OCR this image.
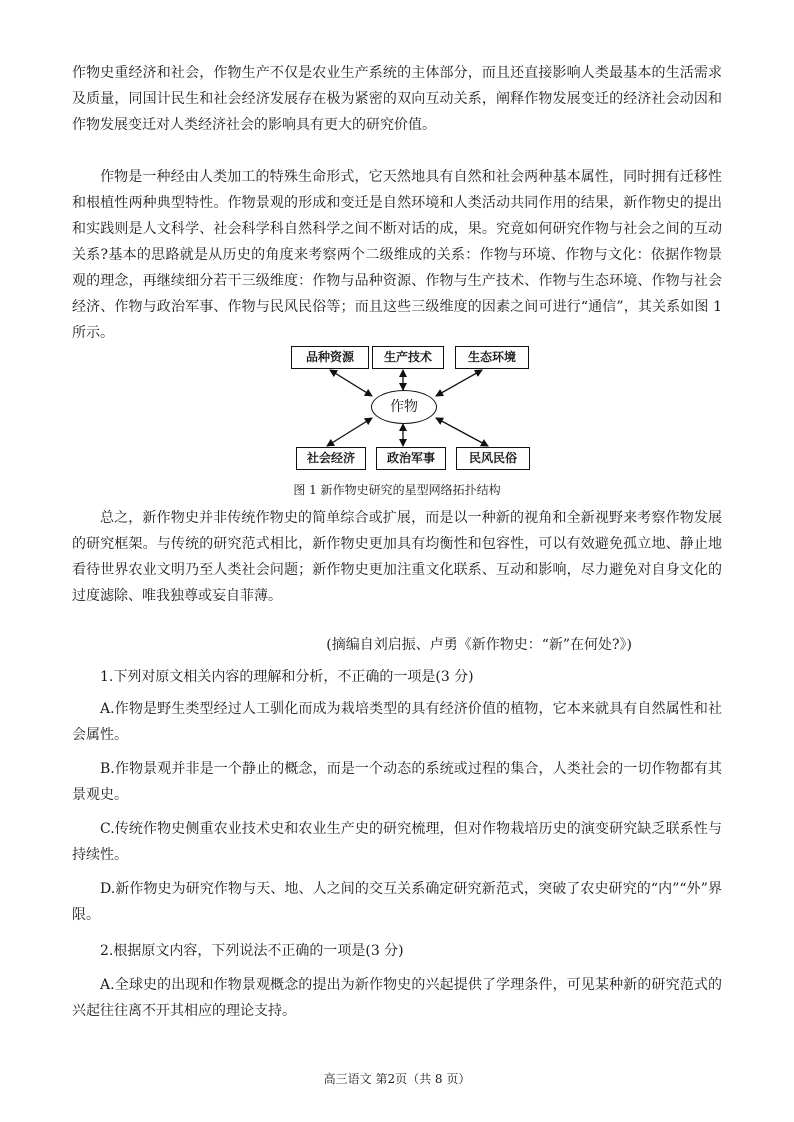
作物史重经济和社会，作物生产不仅是农业生产系统的主体部分，而且还直接影响人类最基本的生活需求及质量，同国计民生和社会经济发展存在极为紧密的双向互动关系，阐释作物发展变迁的经济社会动因和作物发展变迁对人类经济社会的影响具有更大的研究价值。

作物是一种经由人类加工的特殊生命形式，它天然地具有自然和社会两种基本属性，同时拥有迁移性和根植性两种典型特性。作物景观的形成和变迁是自然环境和人类活动共同作用的结果，新作物史的提出和实践则是人文科学、社会科学科自然科学之间不断对话的成，果。究竟如何研究作物与社会之间的互动关系?基本的思路就是从历史的角度来考察两个二级维成的关系：作物与环境、作物与文化：依据作物景观的理念，再继续细分若干三级维度：作物与品种资源、作物与生产技术、作物与生态环境、作物与社会经济、作物与政治军事、作物与民风民俗等；而且这些三级维度的因素之间可进行“通信”，其关系如图 1 所示。

品种资源	生产技术	生态环境
作物
社会经济	政治军事	民风民俗
图 1 新作物史研究的星型网络拓扑结构

总之，新作物史并非传统作物史的简单综合或扩展，而是以一种新的视角和全新视野来考察作物发展的研究框架。与传统的研究范式相比，新作物史更加具有均衡性和包容性，可以有效避免孤立地、静止地看待世界农业文明乃至人类社会问题；新作物史更加注重文化联系、互动和影响，尽力避免对自身文化的过度滤除、唯我独尊或妄自菲薄。

(摘编自刘启振、卢勇《新作物史：“新”在何处?》)

1.下列对原文相关内容的理解和分析，不正确的一项是(3 分)

A.作物是野生类型经过人工驯化而成为栽培类型的具有经济价值的植物，它本来就具有自然属性和社会属性。

B.作物景观并非是一个静止的概念，而是一个动态的系统或过程的集合，人类社会的一切作物都有其景观史。

C.传统作物史侧重农业技术史和农业生产史的研究梳理，但对作物栽培历史的演变研究缺乏联系性与持续性。

D.新作物史为研究作物与天、地、人之间的交互关系确定研究新范式，突破了农史研究的“内”“外”界限。

2.根据原文内容，下列说法不正确的一项是(3 分)

A.全球史的出现和作物景观概念的提出为新作物史的兴起提供了学理条件，可见某种新的研究范式的兴起往往离不开其相应的理论支持。

高三语文 第2页（共 8 页）
